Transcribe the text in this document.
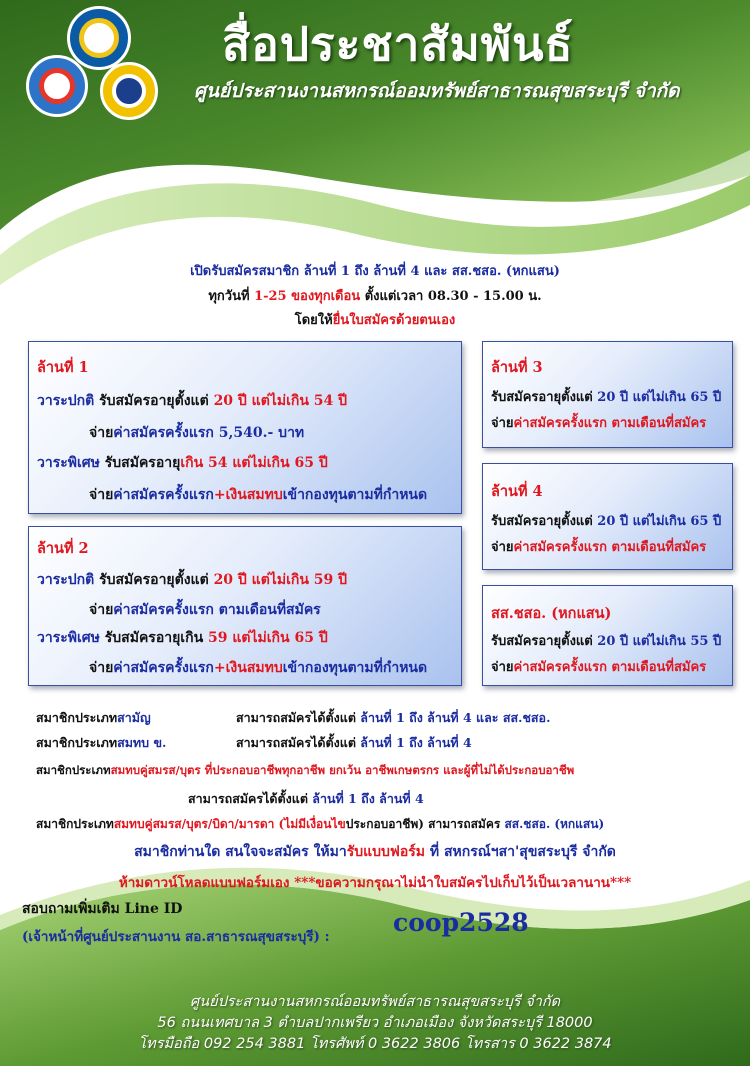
สื่อประชาสัมพันธ์
ศูนย์ประสานงานสหกรณ์ออมทรัพย์สาธารณสุขสระบุรี จำกัด
เปิดรับสมัครสมาชิก ล้านที่ 1 ถึง ล้านที่ 4 และ สส.ชสอ. (หกแสน)
ทุกวันที่ 1-25 ของทุกเดือน ตั้งแต่เวลา 08.30 - 15.00 น.
โดยให้ยื่นใบสมัครด้วยตนเอง
ล้านที่ 1
วาระปกติ รับสมัครอายุตั้งแต่ 20 ปี แต่ไม่เกิน 54 ปี
จ่ายค่าสมัครครั้งแรก 5,540.- บาท
วาระพิเศษ รับสมัครอายุเกิน 54 แต่ไม่เกิน 65 ปี
จ่ายค่าสมัครครั้งแรก+เงินสมทบเข้ากองทุนตามที่กำหนด
ล้านที่ 2
วาระปกติ รับสมัครอายุตั้งแต่ 20 ปี แต่ไม่เกิน 59 ปี
จ่ายค่าสมัครครั้งแรก ตามเดือนที่สมัคร
วาระพิเศษ รับสมัครอายุเกิน 59 แต่ไม่เกิน 65 ปี
จ่ายค่าสมัครครั้งแรก+เงินสมทบเข้ากองทุนตามที่กำหนด
ล้านที่ 3
รับสมัครอายุตั้งแต่ 20 ปี แต่ไม่เกิน 65 ปี
จ่ายค่าสมัครครั้งแรก ตามเดือนที่สมัคร
ล้านที่ 4
รับสมัครอายุตั้งแต่ 20 ปี แต่ไม่เกิน 65 ปี
จ่ายค่าสมัครครั้งแรก ตามเดือนที่สมัคร
สส.ชสอ. (หกแสน)
รับสมัครอายุตั้งแต่ 20 ปี แต่ไม่เกิน 55 ปี
จ่ายค่าสมัครครั้งแรก ตามเดือนที่สมัคร
สมาชิกประเภทสามัญ	สามารถสมัครได้ตั้งแต่ ล้านที่ 1 ถึง ล้านที่ 4 และ สส.ชสอ.
สมาชิกประเภทสมทบ ข.	สามารถสมัครได้ตั้งแต่ ล้านที่ 1 ถึง ล้านที่ 4
สมาชิกประเภทสมทบคู่สมรส/บุตร ที่ประกอบอาชีพทุกอาชีพ ยกเว้น อาชีพเกษตรกร และผู้ที่ไม่ได้ประกอบอาชีพ
สามารถสมัครได้ตั้งแต่ ล้านที่ 1 ถึง ล้านที่ 4
สมาชิกประเภทสมทบคู่สมรส/บุตร/บิดา/มารดา (ไม่มีเงื่อนไขประกอบอาชีพ) สามารถสมัคร สส.ชสอ. (หกแสน)
สมาชิกท่านใด สนใจจะสมัคร ให้มารับแบบฟอร์ม ที่ สหกรณ์ฯสา'สุขสระบุรี จำกัด
ห้ามดาวน์โหลดแบบฟอร์มเอง ***ขอความกรุณาไม่นำใบสมัครไปเก็บไว้เป็นเวลานาน***
สอบถามเพิ่มเติม Line ID
(เจ้าหน้าที่ศูนย์ประสานงาน สอ.สาธารณสุขสระบุรี) :	coop2528
ศูนย์ประสานงานสหกรณ์ออมทรัพย์สาธารณสุขสระบุรี จำกัด
56 ถนนเทศบาล 3 ตำบลปากเพรียว อำเภอเมือง จังหวัดสระบุรี 18000
โทรมือถือ 092 254 3881 โทรศัพท์ 0 3622 3806 โทรสาร 0 3622 3874
